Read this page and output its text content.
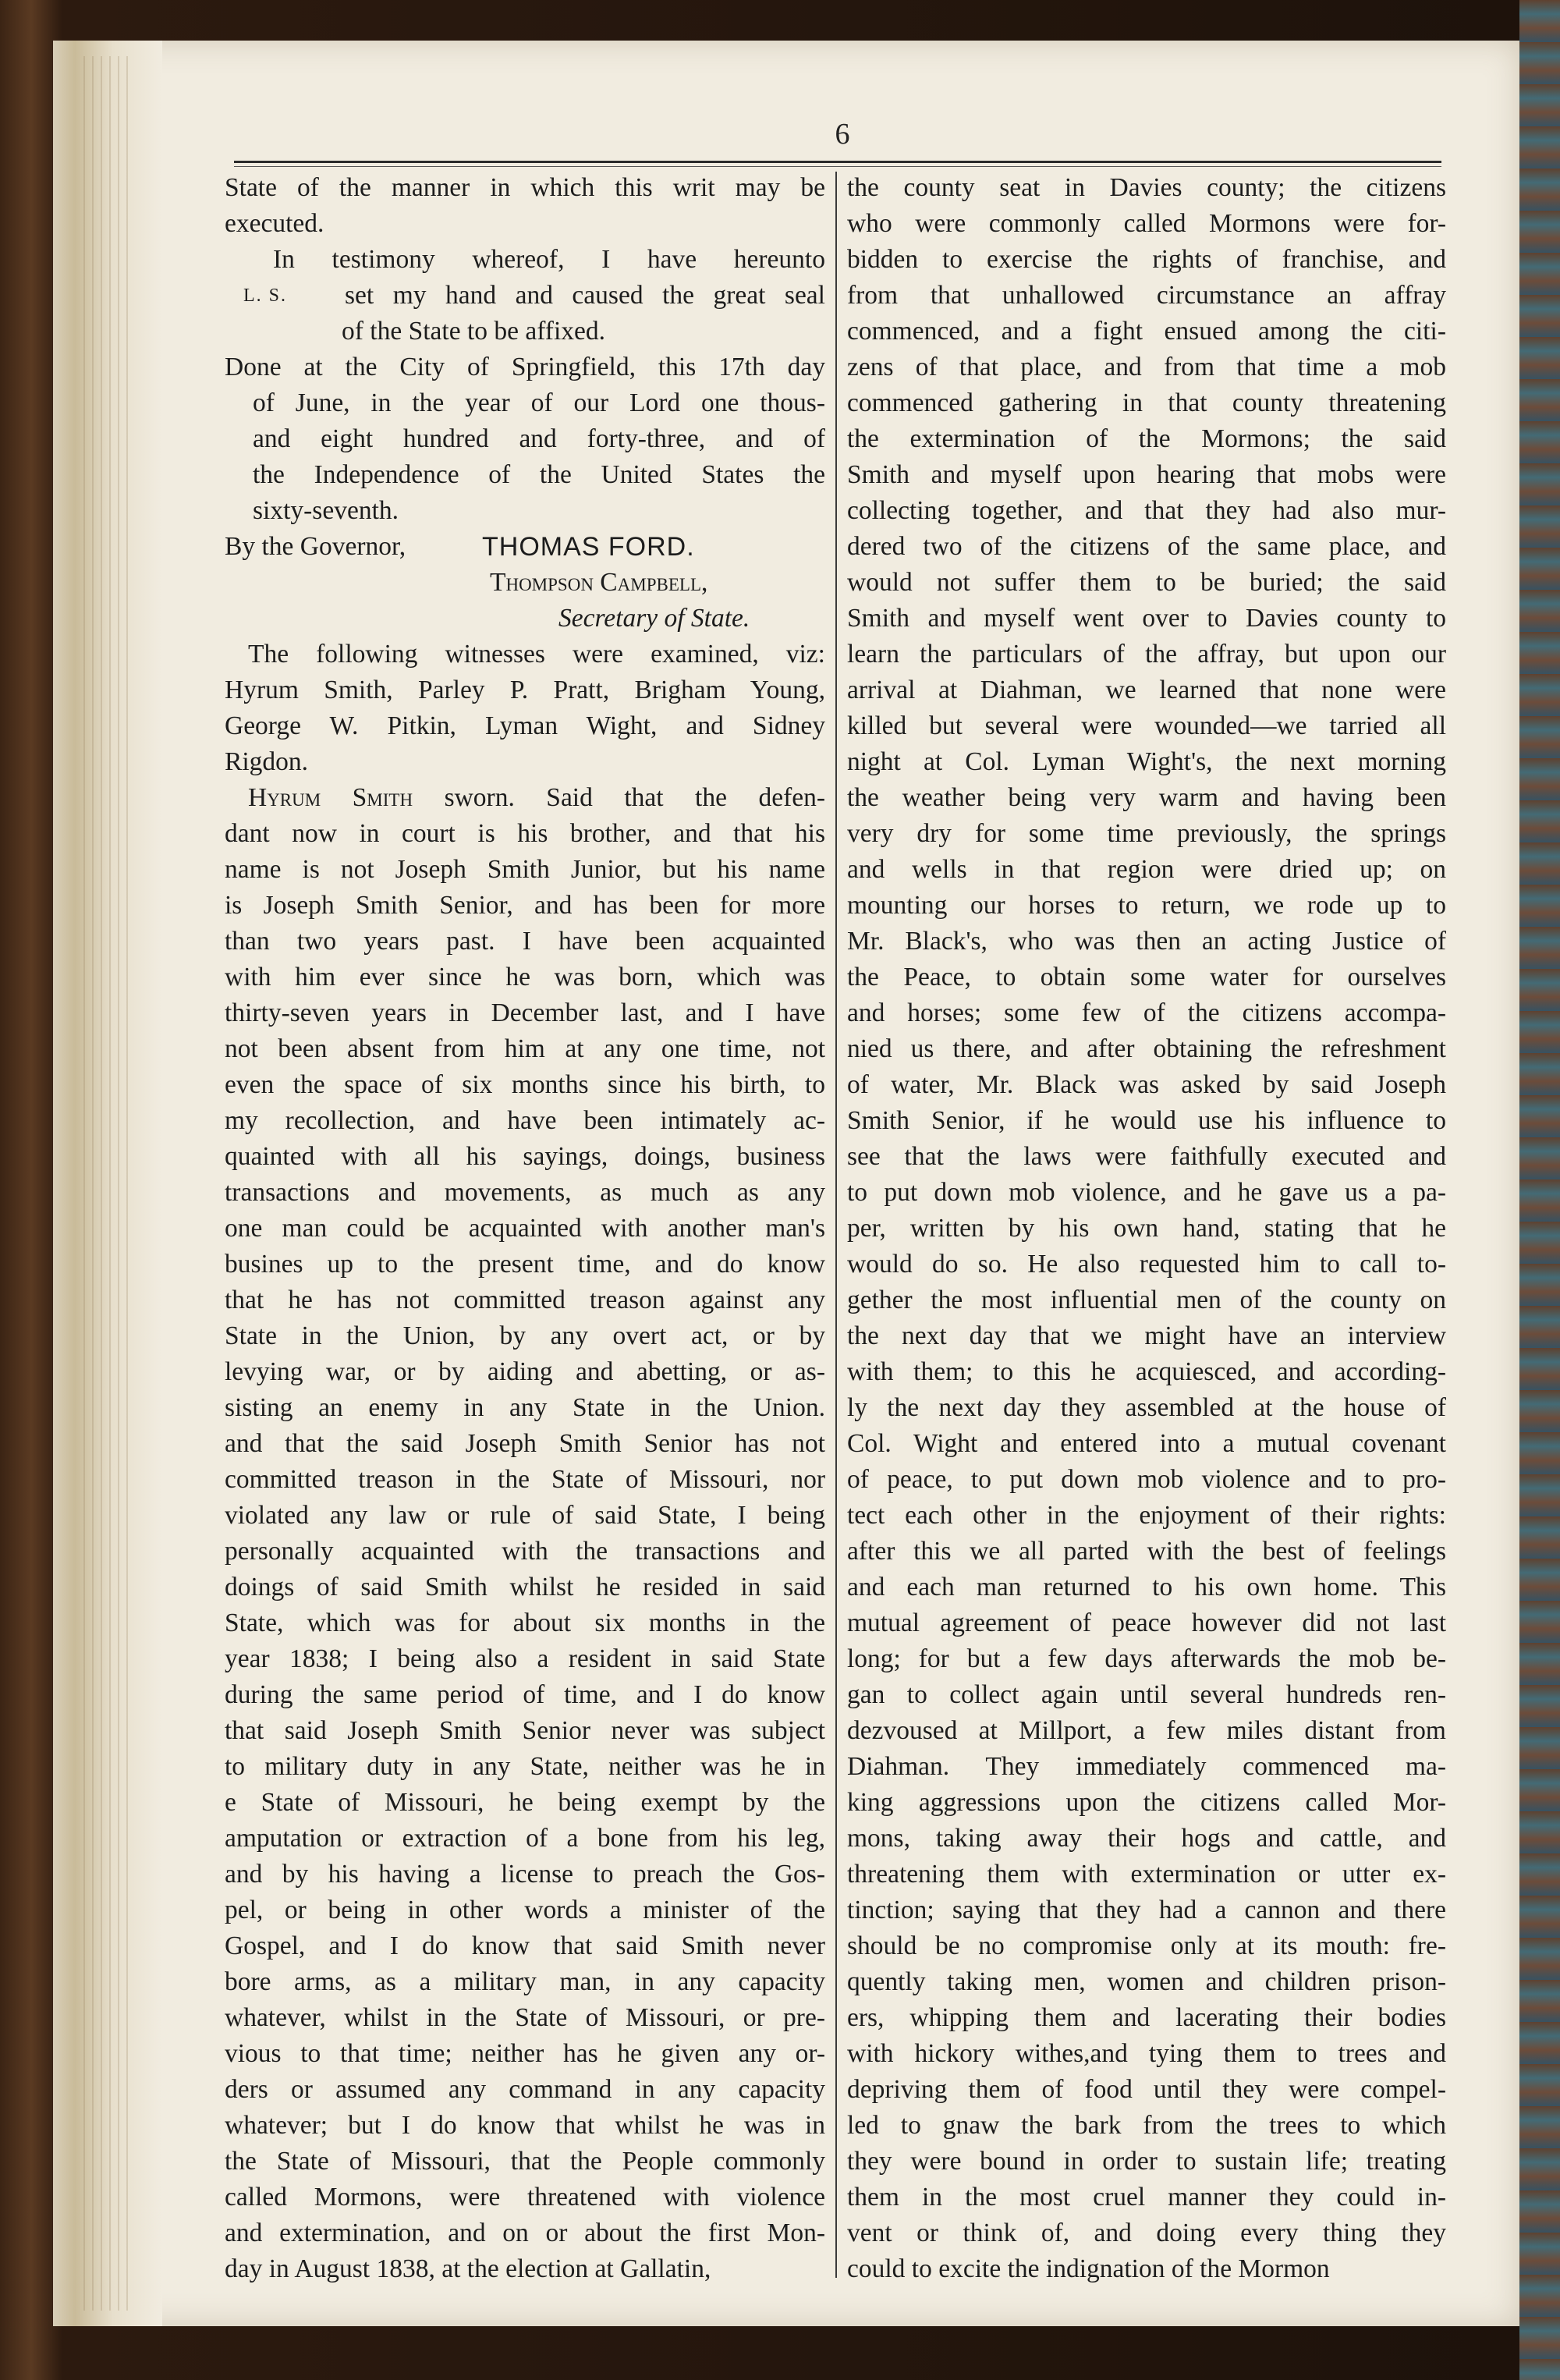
6
State of the manner in which this writ may be
executed.
In testimony whereof, I have hereunto
L. S.	set my hand and caused the great seal
of the State to be affixed.
Done at the City of Springfield, this 17th day
of June, in the year of our Lord one thous-
and eight hundred and forty-three, and of
the Independence of the United States the
sixty-seventh.
By the Governor,	THOMAS FORD.
Thompson Campbell,
Secretary of State.
The following witnesses were examined, viz:
Hyrum Smith, Parley P. Pratt, Brigham Young,
George W. Pitkin, Lyman Wight, and Sidney
Rigdon.
Hyrum Smith sworn. Said that the defen-
dant now in court is his brother, and that his
name is not Joseph Smith Junior, but his name
is Joseph Smith Senior, and has been for more
than two years past. I have been acquainted
with him ever since he was born, which was
thirty-seven years in December last, and I have
not been absent from him at any one time, not
even the space of six months since his birth, to
my recollection, and have been intimately ac-
quainted with all his sayings, doings, business
transactions and movements, as much as any
one man could be acquainted with another man's
busines up to the present time, and do know
that he has not committed treason against any
State in the Union, by any overt act, or by
levying war, or by aiding and abetting, or as-
sisting an enemy in any State in the Union.
and that the said Joseph Smith Senior has not
committed treason in the State of Missouri, nor
violated any law or rule of said State, I being
personally acquainted with the transactions and
doings of said Smith whilst he resided in said
State, which was for about six months in the
year 1838; I being also a resident in said State
during the same period of time, and I do know
that said Joseph Smith Senior never was subject
to military duty in any State, neither was he in
e State of Missouri, he being exempt by the
amputation or extraction of a bone from his leg,
and by his having a license to preach the Gos-
pel, or being in other words a minister of the
Gospel, and I do know that said Smith never
bore arms, as a military man, in any capacity
whatever, whilst in the State of Missouri, or pre-
vious to that time; neither has he given any or-
ders or assumed any command in any capacity
whatever; but I do know that whilst he was in
the State of Missouri, that the People commonly
called Mormons, were threatened with violence
and extermination, and on or about the first Mon-
day in August 1838, at the election at Gallatin,
the county seat in Davies county; the citizens
who were commonly called Mormons were for-
bidden to exercise the rights of franchise, and
from that unhallowed circumstance an affray
commenced, and a fight ensued among the citi-
zens of that place, and from that time a mob
commenced gathering in that county threatening
the extermination of the Mormons; the said
Smith and myself upon hearing that mobs were
collecting together, and that they had also mur-
dered two of the citizens of the same place, and
would not suffer them to be buried; the said
Smith and myself went over to Davies county to
learn the particulars of the affray, but upon our
arrival at Diahman, we learned that none were
killed but several were wounded—we tarried all
night at Col. Lyman Wight's, the next morning
the weather being very warm and having been
very dry for some time previously, the springs
and wells in that region were dried up; on
mounting our horses to return, we rode up to
Mr. Black's, who was then an acting Justice of
the Peace, to obtain some water for ourselves
and horses; some few of the citizens accompa-
nied us there, and after obtaining the refreshment
of water, Mr. Black was asked by said Joseph
Smith Senior, if he would use his influence to
see that the laws were faithfully executed and
to put down mob violence, and he gave us a pa-
per, written by his own hand, stating that he
would do so. He also requested him to call to-
gether the most influential men of the county on
the next day that we might have an interview
with them; to this he acquiesced, and according-
ly the next day they assembled at the house of
Col. Wight and entered into a mutual covenant
of peace, to put down mob violence and to pro-
tect each other in the enjoyment of their rights:
after this we all parted with the best of feelings
and each man returned to his own home. This
mutual agreement of peace however did not last
long; for but a few days afterwards the mob be-
gan to collect again until several hundreds ren-
dezvoused at Millport, a few miles distant from
Diahman. They immediately commenced ma-
king aggressions upon the citizens called Mor-
mons, taking away their hogs and cattle, and
threatening them with extermination or utter ex-
tinction; saying that they had a cannon and there
should be no compromise only at its mouth: fre-
quently taking men, women and children prison-
ers, whipping them and lacerating their bodies
with hickory withes,and tying them to trees and
depriving them of food until they were compel-
led to gnaw the bark from the trees to which
they were bound in order to sustain life; treating
them in the most cruel manner they could in-
vent or think of, and doing every thing they
could to excite the indignation of the Mormon
